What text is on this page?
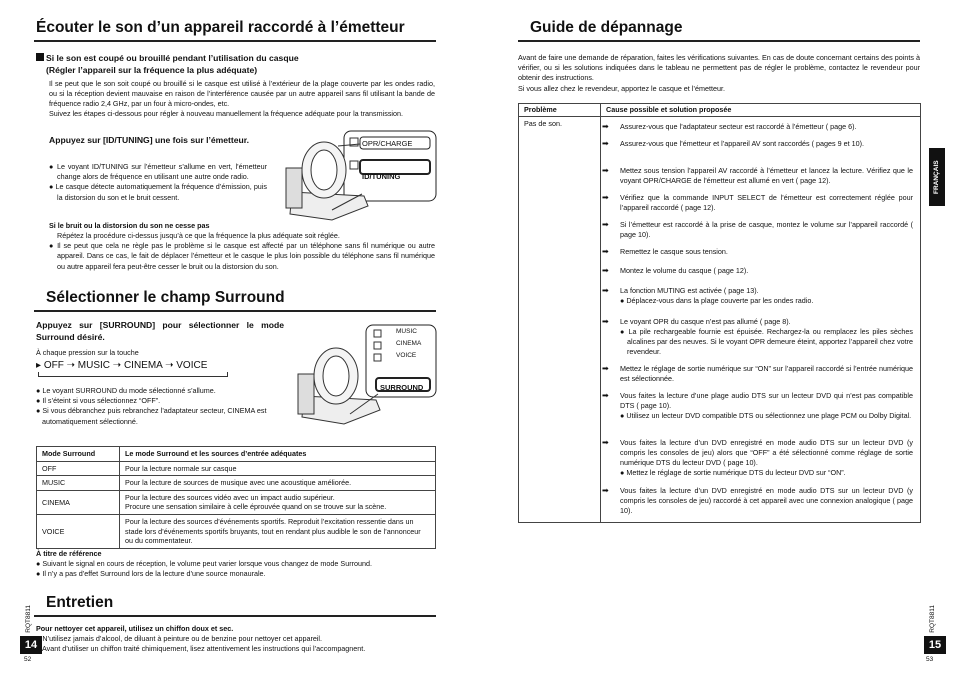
Écouter le son d’un appareil raccordé à l’émetteur
Si le son est coupé ou brouillé pendant l’utilisation du casque
(Régler l’appareil sur la fréquence la plus adéquate)
Il se peut que le son soit coupé ou brouillé si le casque est utilisé à l’extérieur de la plage couverte par les ondes radio, ou si la réception devient mauvaise en raison de l’interférence causée par un autre appareil sans fil utilisant la bande de fréquence radio 2,4 GHz, par un four à micro-ondes, etc.
Suivez les étapes ci-dessous pour régler à nouveau manuellement la fréquence adéquate pour la transmission.
Appuyez sur [ID/TUNING] une fois sur l’émetteur.
● Le voyant ID/TUNING sur l’émetteur s’allume en vert, l’émetteur change alors de fréquence en utilisant une autre onde radio.
● Le casque détecte automatiquement la fréquence d’émission, puis la distorsion du son et le bruit cessent.
OPR/CHARGE
ID/TUNING
Si le bruit ou la distorsion du son ne cesse pas
Répétez la procédure ci-dessus jusqu’à ce que la fréquence la plus adéquate soit réglée.
● Il se peut que cela ne règle pas le problème si le casque est affecté par un téléphone sans fil numérique ou autre appareil. Dans ce cas, le fait de déplacer l’émetteur et le casque le plus loin possible du téléphone sans fil numérique ou autre appareil fera peut-être cesser le bruit ou la distorsion du son.
Sélectionner le champ Surround
Appuyez sur [SURROUND] pour sélectionner le mode Surround désiré.
À chaque pression sur la touche
▸ OFF ➝ MUSIC ➝ CINEMA ➝ VOICE
● Le voyant SURROUND du mode sélectionné s’allume.
● Il s’éteint si vous sélectionnez “OFF”.
● Si vous débranchez puis rebranchez l’adaptateur secteur, CINEMA est automatiquement sélectionné.
MUSIC
CINEMA
VOICE
SURROUND
Mode Surround	Le mode Surround et les sources d’entrée adéquates
OFF	Pour la lecture normale sur casque
MUSIC	Pour la lecture de sources de musique avec une acoustique améliorée.
CINEMA	Pour la lecture des sources vidéo avec un impact audio supérieur.
Procure une sensation similaire à celle éprouvée quand on se trouve sur la scène.

VOICE	Pour la lecture des sources d’événements sportifs. Reproduit l’excitation ressentie dans un stade lors d’événements sportifs bruyants, tout en rendant plus audible le son de l’annonceur ou du commentateur.
À titre de référence
● Suivant le signal en cours de réception, le volume peut varier lorsque vous changez de mode Surround.
● Il n’y a pas d’effet Surround lors de la lecture d’une source monaurale.
Entretien
Pour nettoyer cet appareil, utilisez un chiffon doux et sec.
N’utilisez jamais d’alcool, de diluant à peinture ou de benzine pour nettoyer cet appareil.
Avant d’utiliser un chiffon traité chimiquement, lisez attentivement les instructions qui l’accompagnent.
RQT8811
14
52
Guide de dépannage
Avant de faire une demande de réparation, faites les vérifications suivantes. En cas de doute concernant certains des points à vérifier, ou si les solutions indiquées dans le tableau ne permettent pas de régler le problème, contactez le revendeur pour obtenir des instructions.
Si vous allez chez le revendeur, apportez le casque et l’émetteur.
Problème	Cause possible et solution proposée
Pas de son.	➡ Assurez-vous que l’adaptateur secteur est raccordé à l’émetteur ( page 6).
➡ Assurez-vous que l’émetteur et l’appareil AV sont raccordés ( pages 9 et 10).
➡ Mettez sous tension l’appareil AV raccordé à l’émetteur et lancez la lecture. Vérifiez que le voyant OPR/CHARGE de l’émetteur est allumé en vert ( page 12).
➡ Vérifiez que la commande INPUT SELECT de l’émetteur est correctement réglée pour l’appareil raccordé ( page 12).
➡ Si l’émetteur est raccordé à la prise de casque, montez le volume sur l’appareil raccordé ( page 10).
➡ Remettez le casque sous tension.
➡ Montez le volume du casque ( page 12).
➡ La fonction MUTING est activée ( page 13).
● Déplacez-vous dans la plage couverte par les ondes radio.
➡ Le voyant OPR du casque n’est pas allumé ( page 8).
● La pile rechargeable fournie est épuisée. Rechargez-la ou remplacez les piles sèches alcalines par des neuves. Si le voyant OPR demeure éteint, apportez l’appareil chez votre revendeur.
➡ Mettez le réglage de sortie numérique sur “ON” sur l’appareil raccordé si l’entrée numérique est sélectionnée.
➡ Vous faites la lecture d’une plage audio DTS sur un lecteur DVD qui n’est pas compatible DTS ( page 10).
● Utilisez un lecteur DVD compatible DTS ou sélectionnez une plage PCM ou Dolby Digital.
➡ Vous faites la lecture d’un DVD enregistré en mode audio DTS sur un lecteur DVD (y compris les consoles de jeu) alors que “OFF” a été sélectionné comme réglage de sortie numérique DTS du lecteur DVD ( page 10).
● Mettez le réglage de sortie numérique DTS du lecteur DVD sur “ON”.
➡ Vous faites la lecture d’un DVD enregistré en mode audio DTS sur un lecteur DVD (y compris les consoles de jeu) raccordé à cet appareil avec une connexion analogique ( page 10).
FRANÇAIS
RQT8811
15
53
